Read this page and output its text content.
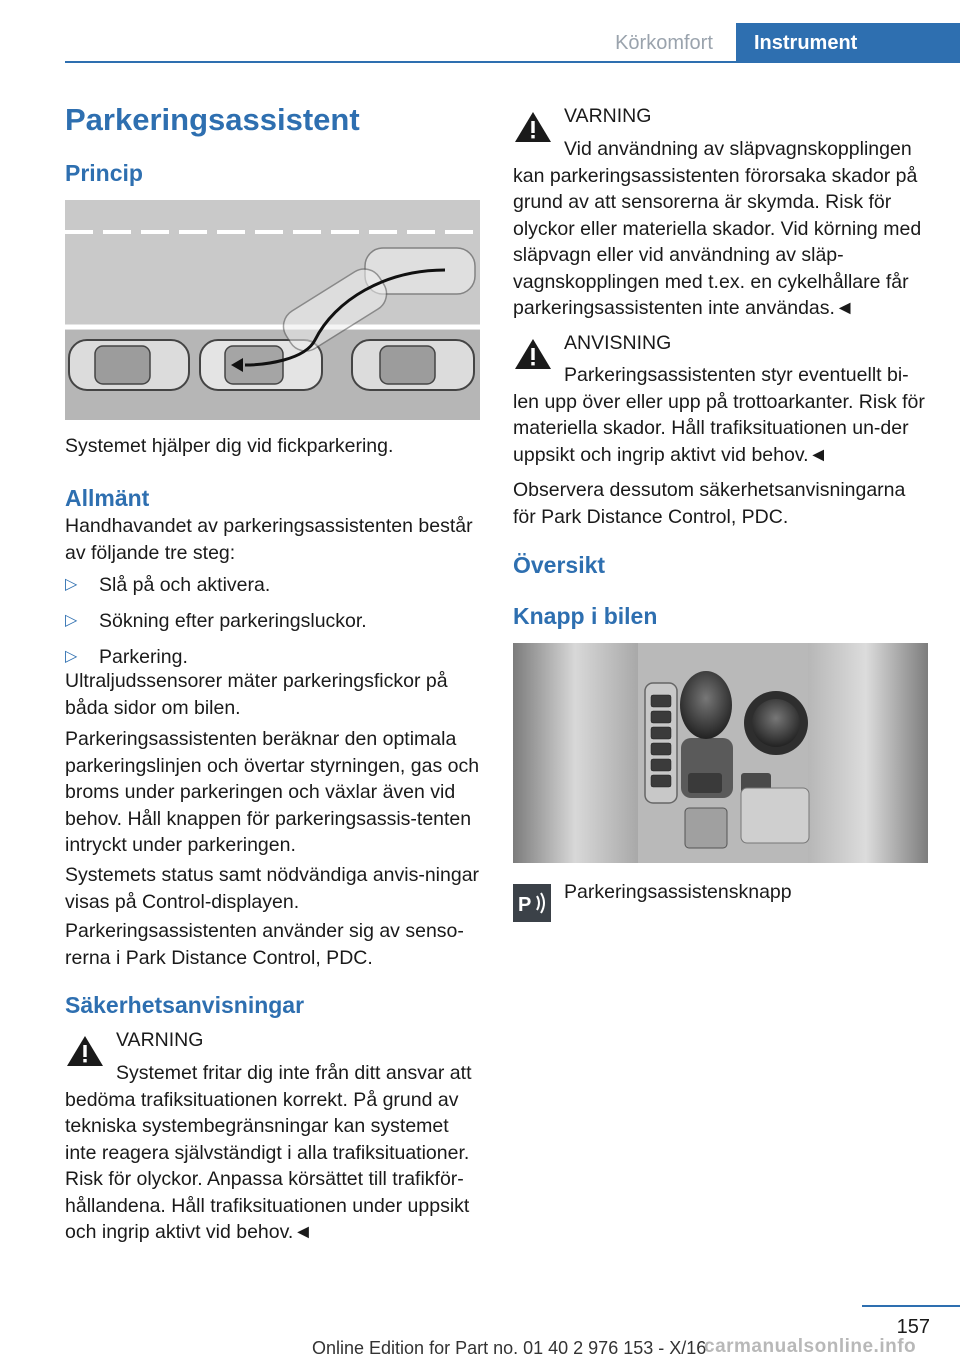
Körkomfort	Instrument
Parkeringsassistent
Princip
Systemet hjälper dig vid fickparkering.
Allmänt
Handhavandet av parkeringsassistenten består av följande tre steg:
▷ Slå på och aktivera.
▷ Sökning efter parkeringsluckor.
▷ Parkering.
Ultraljudssensorer mäter parkeringsfickor på båda sidor om bilen.
Parkeringsassistenten beräknar den optimala parkeringslinjen och övertar styrningen, gas och broms under parkeringen och växlar även vid behov. Håll knappen för parkeringsassis‐tenten intryckt under parkeringen.
Systemets status samt nödvändiga anvis‐ningar visas på Control-displayen.
Parkeringsassistenten använder sig av senso‐rerna i Park Distance Control, PDC.
Säkerhetsanvisningar
VARNING
Systemet fritar dig inte från ditt ansvar att bedöma trafiksituationen korrekt. På grund av tekniska systembegränsningar kan systemet inte reagera självständigt i alla trafiksituationer. Risk för olyckor. Anpassa körsättet till trafikför‐hållandena. Håll trafiksituationen under uppsikt och ingrip aktivt vid behov.◄
VARNING
Vid användning av släpvagnskopplingen kan parkeringsassistenten förorsaka skador på grund av att sensorerna är skymda. Risk för olyckor eller materiella skador. Vid körning med släpvagn eller vid användning av släp‐vagnskopplingen med t.ex. en cykelhållare får parkeringsassistenten inte användas.◄
ANVISNING
Parkeringsassistenten styr eventuellt bi‐len upp över eller upp på trottoarkanter. Risk för materiella skador. Håll trafiksituationen un‐der uppsikt och ingrip aktivt vid behov.◄
Observera dessutom säkerhetsanvisningarna för Park Distance Control, PDC.
Översikt
Knapp i bilen
P
Parkeringsassistensknapp
157
Online Edition for Part no. 01 40 2 976 153 - X/16
carmanualsonline.info
